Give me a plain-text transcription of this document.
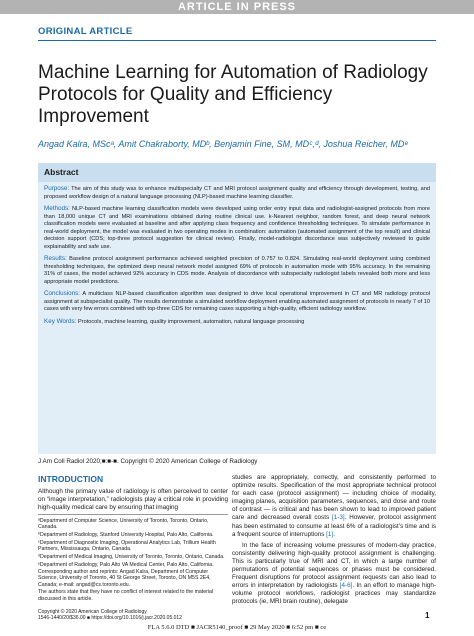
ARTICLE IN PRESS
ORIGINAL ARTICLE
Machine Learning for Automation of Radiology Protocols for Quality and Efficiency Improvement
Angad Kalra, MScᵃ, Amit Chakraborty, MDᵇ, Benjamin Fine, SM, MDᶜ,ᵈ, Joshua Reicher, MDᵉ
Abstract

Purpose: The aim of this study was to enhance multispecialty CT and MRI protocol assignment quality and efficiency through development, testing, and proposed workflow design of a natural language processing (NLP)-based machine learning classifier.

Methods: NLP-based machine learning classification models were developed using order entry input data and radiologist-assigned protocols from more than 18,000 unique CT and MRI examinations obtained during routine clinical use. k-Nearest neighbor, random forest, and deep neural network classification models were evaluated at baseline and after applying class frequency and confidence thresholding techniques. To simulate performance in real-world deployment, the model was evaluated in two operating modes in combination: automation (automated assignment of the top result) and clinical decision support (CDS; top-three protocol suggestion for clinical review). Finally, model-radiologist discordance was subjectively reviewed to guide explainability and safe use.

Results: Baseline protocol assignment performance achieved weighted precision of 0.757 to 0.824. Simulating real-world deployment using combined thresholding techniques, the optimized deep neural network model assigned 69% of protocols in automation mode with 95% accuracy. In the remaining 31% of cases, the model achieved 92% accuracy in CDS mode. Analysis of discordance with subspecialty radiologist labels revealed both more and less appropriate model predictions.

Conclusions: A multiclass NLP-based classification algorithm was designed to drive local operational improvement in CT and MR radiology protocol assignment at subspecialist quality. The results demonstrate a simulated workflow deployment enabling automated assignment of protocols in nearly 7 of 10 cases with very few errors combined with top-three CDS for remaining cases supporting a high-quality, efficient radiology workflow.

Key Words: Protocols, machine learning, quality improvement, automation, natural language processing

J Am Coll Radiol 2020;■:■-■. Copyright © 2020 American College of Radiology
INTRODUCTION

Although the primary value of radiology is often perceived to center on “image interpretation,” radiologists play a critical role in providing high-quality medical care by ensuring that imaging

ᵃDepartment of Computer Science, University of Toronto, Toronto, Ontario, Canada.

ᵇDepartment of Radiology, Stanford University Hospital, Palo Alto, California.

ᶜDepartment of Diagnostic Imaging, Operational Analytics Lab, Trillium Health Partners, Mississauga, Ontario, Canada.

ᵈDepartment of Medical Imaging, University of Toronto, Toronto, Ontario, Canada.

ᵉDepartment of Radiology, Palo Alto VA Medical Center, Palo Alto, California.

Corresponding author and reprints: Angad Kalra, Department of Computer Science, University of Toronto, 40 St George Street, Toronto, ON M5S 2E4, Canada; e-mail: angad@cs.toronto.edu.

The authors state that they have no conflict of interest related to the material discussed in this article.

studies are appropriately, correctly, and consistently performed to optimize results. Specification of the most appropriate technical protocol for each case (protocol assignment) — including choice of modality, imaging planes, acquisition parameters, sequences, and dose and route of contrast — is critical and has been shown to lead to improved patient care and decreased overall costs [1-3]. However, protocol assignment has been estimated to consume at least 6% of a radiologist’s time and is a frequent source of interruptions [1].

In the face of increasing volume pressures of modern-day practice, consistently delivering high-quality protocol assignment is challenging. This is particularly true of MRI and CT, in which a large number of permutations of potential sequences or phases must be considered. Frequent disruptions for protocol assignment requests can also lead to errors in interpretation by radiologists [4-6]. In an effort to manage high-volume protocol workflows, radiologist practices may standardize protocols (ie, MRI brain routine), delegate

Copyright © 2020 American College of Radiology
1546-1440/20/$36.00 ■ https://doi.org/10.1016/j.jacr.2020.05.012	1
FLA 5.6.0 DTD ■ JACR5140_proof ■ 29 May 2020 ■ 6:52 pm ■ ce
